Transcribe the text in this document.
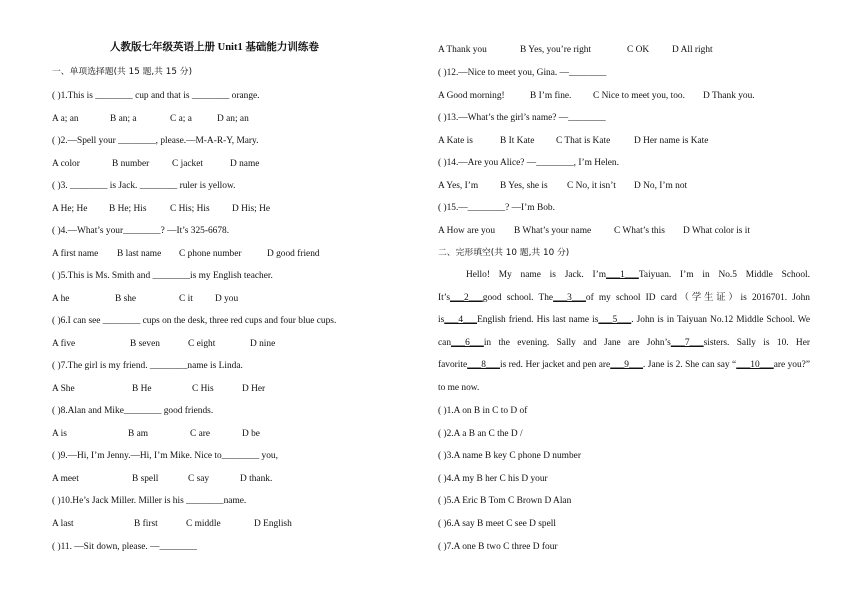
人教版七年级英语上册 Unit1 基础能力训练卷
一、单项选择题(共 15 题,共 15 分)
( )1.This is ________ cup and that is ________ orange.
A a; an	B an; a	C a; a	D an; an
( )2.—Spell your ________, please.—M-A-R-Y, Mary.
A color	B number C jacket	D name
( )3. ________ is Jack. ________ ruler is yellow.
A He; He B He; His	C His; His D His; He
( )4.—What’s your________? —It’s 325-6678.
A first name B last name C phone number	D good friend
( )5.This is Ms. Smith and ________is my English teacher.
A he	B she	C it D you
( )6.I can see ________ cups on the desk, three red cups and four blue cups.
A five	B seven	C eight	D nine
( )7.The girl is my friend. ________name is Linda.
A She	B He	C His	D Her
( )8.Alan and Mike________ good friends.
A is	B am	C are	D be
( )9.—Hi, I’m Jenny.—Hi, I’m Mike. Nice to________ you,
A meet	B spell	C say	D thank.
( )10.He’s Jack Miller. Miller is his ________name.
A last	B first	C middle	D English
( )11. —Sit down, please. —________
A Thank you	B Yes, you’re right	C OK D All right
( )12.—Nice to meet you, Gina. —________
A Good morning!	B I’m fine. C Nice to meet you, too. D Thank you.
( )13.—What’s the girl’s name? —________
A Kate is	B It Kate C That is Kate	D Her name is Kate
( )14.—Are you Alice? —________, I’m Helen.
A Yes, I’m B Yes, she is C No, it isn’t D No, I’m not
( )15.—________? —I’m Bob.
A How are you B What’s your name C What’s this D What color is it
二、完形填空(共 10 题,共 10 分)

Hello! My name is Jack. I’m___1___Taiyuan. I’m in No.5 Middle School. It’s___2___good school. The___3___of my school ID card（学生证）is 2016701. John is___4___English friend. His last name is___5___. John is in Taiyuan No.12 Middle School. We can___6___in the evening. Sally and Jane are John’s___7___sisters. Sally is 10. Her favorite___8___is red. Her jacket and pen are___9___. Jane is 2. She can say “___10___are you?” to me now.

( )1.A on B in C to D of
( )2.A a B an C the D /
( )3.A name B key C phone D number
( )4.A my B her C his D your
( )5.A Eric B Tom C Brown D Alan
( )6.A say B meet C see D spell
( )7.A one B two C three D four
